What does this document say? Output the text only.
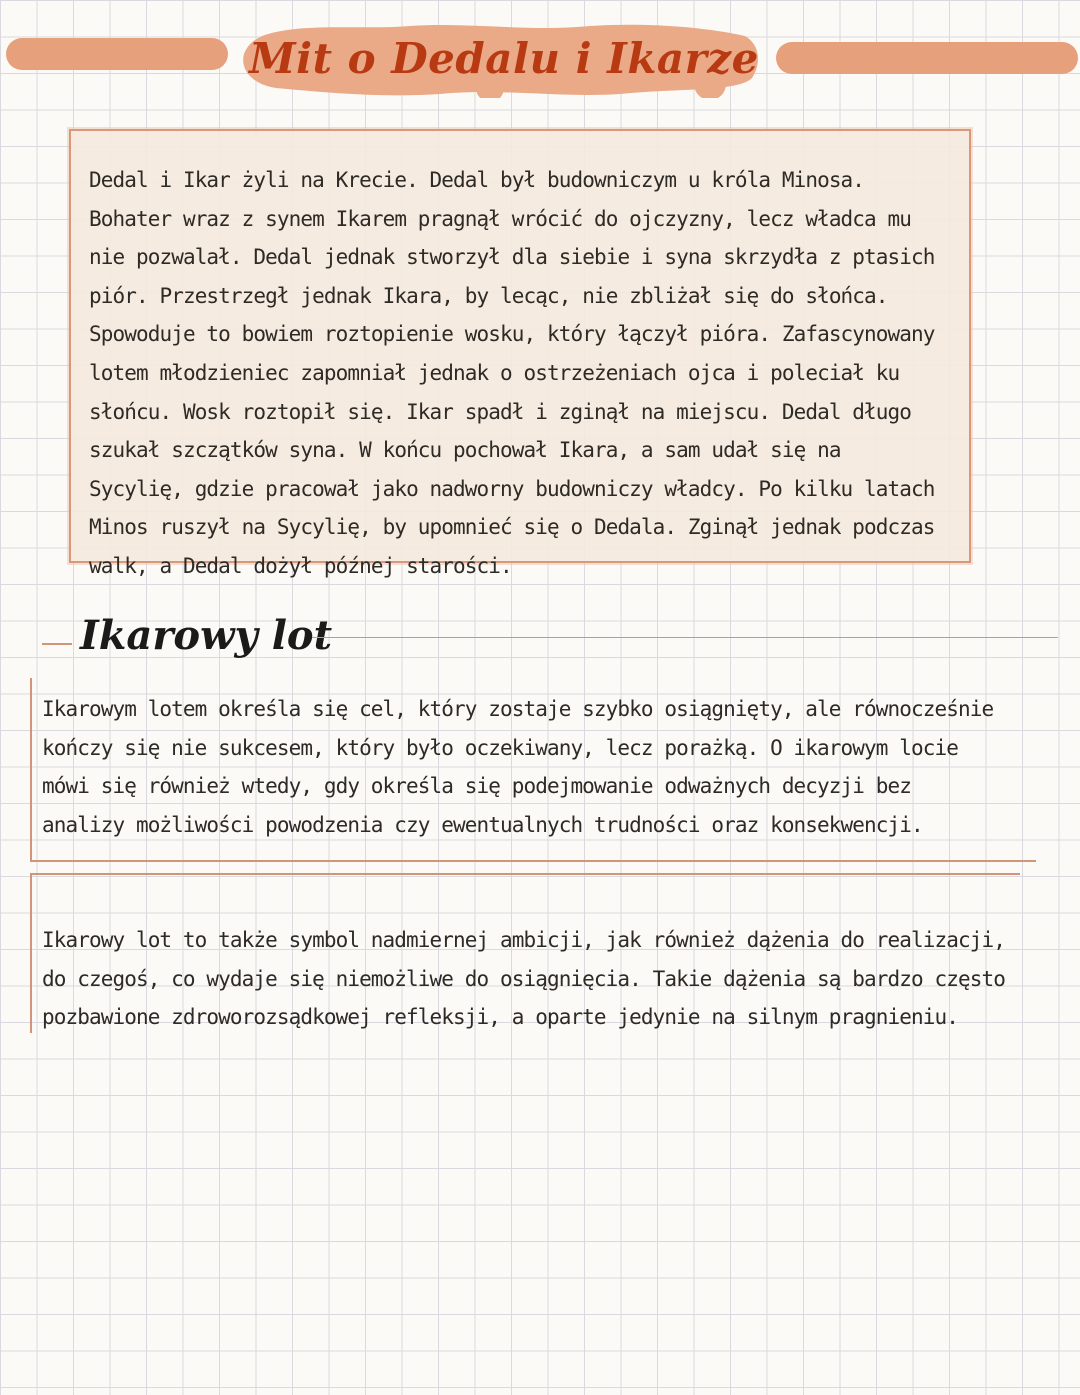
Mit o Dedalu i Ikarze

Dedal i Ikar żyli na Krecie. Dedal był budowniczym u króla Minosa. Bohater wraz z synem Ikarem pragnął wrócić do ojczyzny, lecz władca mu nie pozwalał. Dedal jednak stworzył dla siebie i syna skrzydła z ptasich piór. Przestrzegł jednak Ikara, by lecąc, nie zbliżał się do słońca. Spowoduje to bowiem roztopienie wosku, który łączył pióra. Zafascynowany lotem młodzieniec zapomniał jednak o ostrzeżeniach ojca i poleciał ku słońcu. Wosk roztopił się. Ikar spadł i zginął na miejscu. Dedal długo szukał szczątków syna. W końcu pochował Ikara, a sam udał się na Sycylię, gdzie pracował jako nadworny budowniczy władcy. Po kilku latach Minos ruszył na Sycylię, by upomnieć się o Dedala. Zginął jednak podczas walk, a Dedal dożył późnej starości.

Ikarowy lot

Ikarowym lotem określa się cel, który zostaje szybko osiągnięty, ale równocześnie kończy się nie sukcesem, który było oczekiwany, lecz porażką. O ikarowym locie mówi się również wtedy, gdy określa się podejmowanie odważnych decyzji bez analizy możliwości powodzenia czy ewentualnych trudności oraz konsekwencji.

Ikarowy lot to także symbol nadmiernej ambicji, jak również dążenia do realizacji, do czegoś, co wydaje się niemożliwe do osiągnięcia. Takie dążenia są bardzo często pozbawione zdroworozsądkowej refleksji, a oparte jedynie na silnym pragnieniu.
